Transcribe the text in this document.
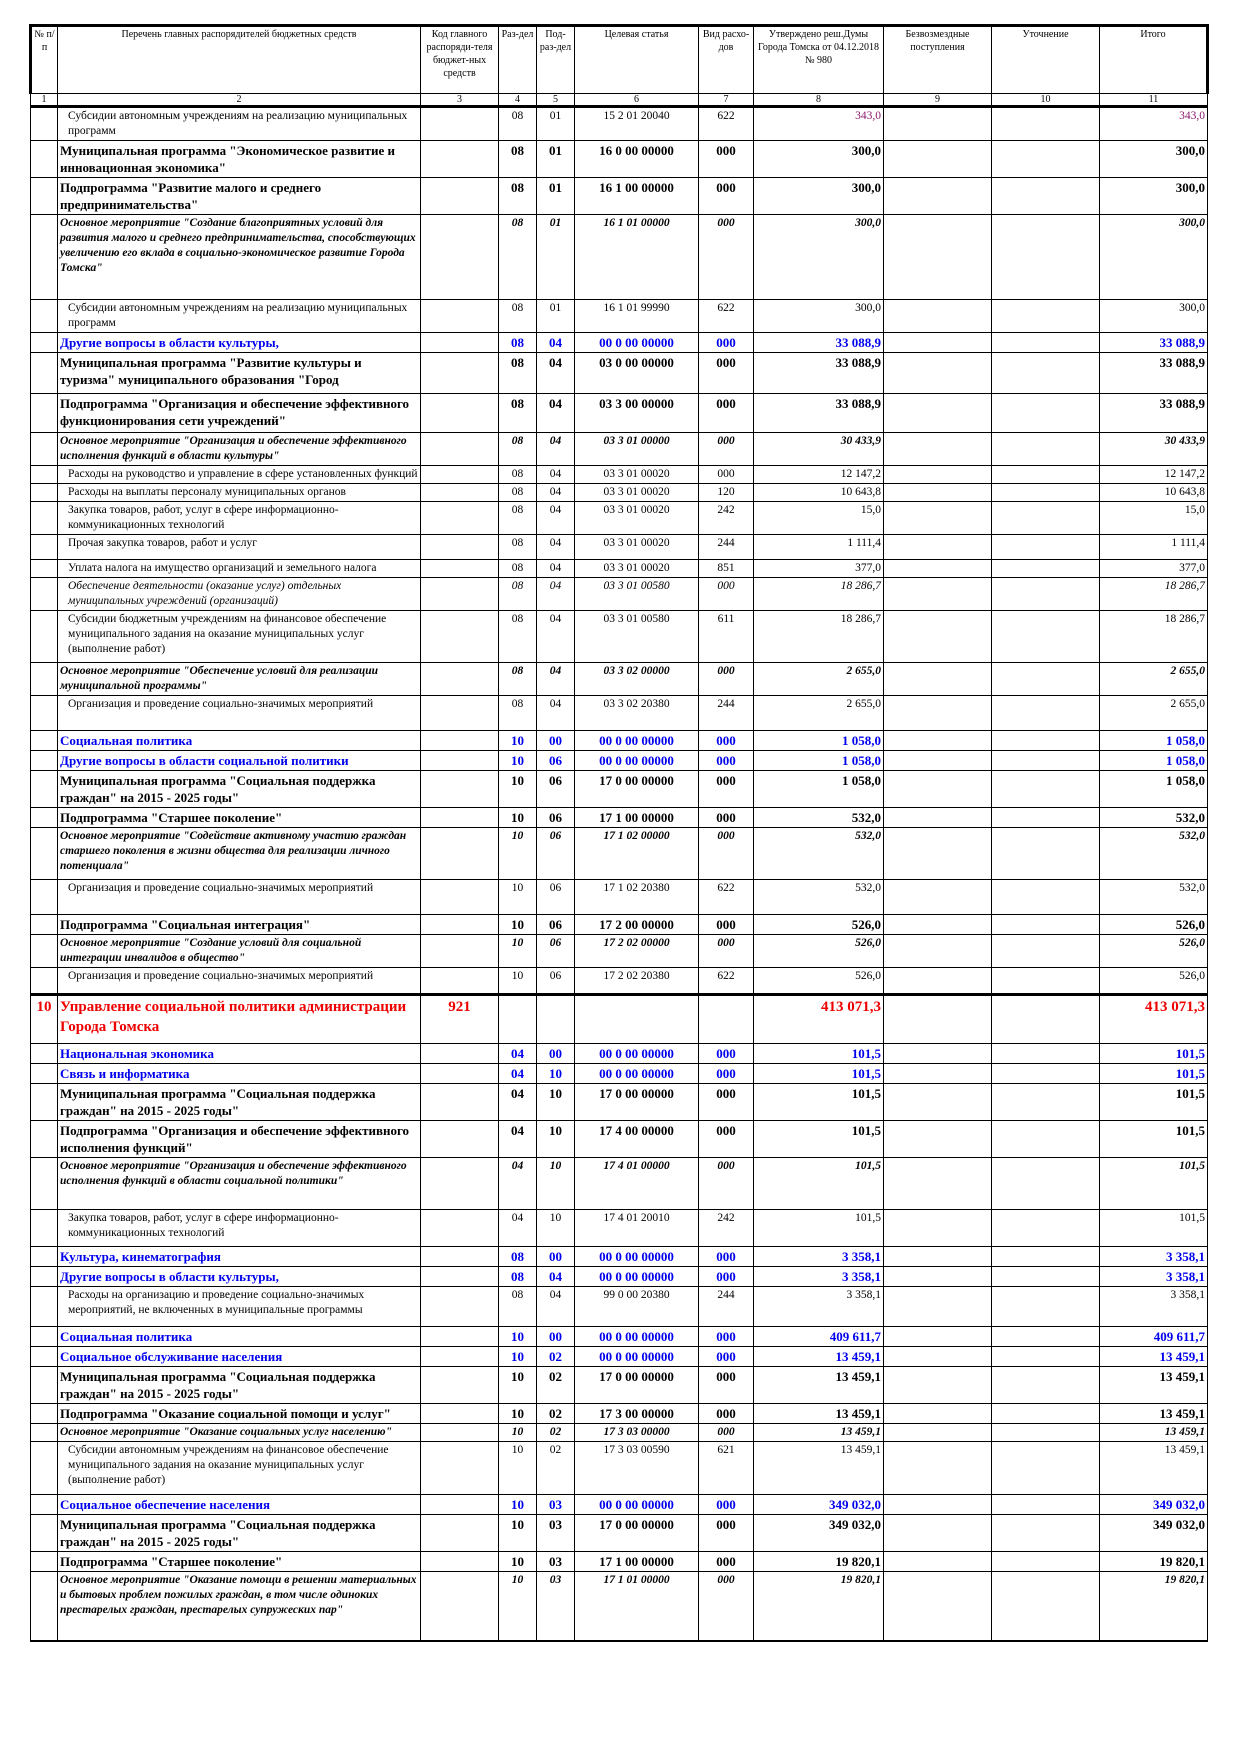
№ п/п	Перечень главных распорядителей бюджетных средств	Код главного распоряди-теля бюджет-ных средств	Раз-дел	Под-раз-дел	Целевая статья	Вид расхо-дов	Утверждено реш.Думы Города Томска от 04.12.2018 № 980	Безвозмездные поступления	Уточнение	Итого
1	2	3	4	5	6	7	8	9	10	11
	Субсидии автономным учреждениям на реализацию муниципальных программ		08	01	15 2 01 20040	622	343,0			343,0
	Муниципальная программа "Экономическое развитие и инновационная экономика"		08	01	16 0 00 00000	000	300,0			300,0
	Подпрограмма "Развитие малого и среднего предпринимательства"		08	01	16 1 00 00000	000	300,0			300,0
	Основное мероприятие "Создание благоприятных условий для развития малого и среднего предпринимательства, способствующих увеличению его вклада в социально-экономическое развитие Города Томска"		08	01	16 1 01 00000	000	300,0			300,0
	Субсидии автономным учреждениям на реализацию муниципальных программ		08	01	16 1 01 99990	622	300,0			300,0
	Другие вопросы в области культуры,		08	04	00 0 00 00000	000	33 088,9			33 088,9
	Муниципальная программа "Развитие культуры и туризма" муниципального образования "Город		08	04	03 0 00 00000	000	33 088,9			33 088,9
	Подпрограмма "Организация и обеспечение эффективного функционирования сети учреждений"		08	04	03 3 00 00000	000	33 088,9			33 088,9
	Основное мероприятие "Организация и обеспечение эффективного исполнения функций в области культуры"		08	04	03 3 01 00000	000	30 433,9			30 433,9
	Расходы на руководство и управление в сфере установленных функций		08	04	03 3 01 00020	000	12 147,2			12 147,2
	Расходы на выплаты персоналу муниципальных органов		08	04	03 3 01 00020	120	10 643,8			10 643,8
	Закупка товаров, работ, услуг в сфере информационно-коммуникационных технологий		08	04	03 3 01 00020	242	15,0			15,0
	Прочая закупка товаров, работ и услуг		08	04	03 3 01 00020	244	1 111,4			1 111,4
	Уплата налога на имущество организаций и земельного налога		08	04	03 3 01 00020	851	377,0			377,0
	Обеспечение деятельности (оказание услуг) отдельных муниципальных учреждений (организаций)		08	04	03 3 01 00580	000	18 286,7			18 286,7
	Субсидии бюджетным учреждениям на финансовое обеспечение муниципального задания на оказание муниципальных услуг (выполнение работ)		08	04	03 3 01 00580	611	18 286,7			18 286,7
	Основное мероприятие "Обеспечение условий для реализации муниципальной программы"		08	04	03 3 02 00000	000	2 655,0			2 655,0
	Организация и проведение социально-значимых мероприятий		08	04	03 3 02 20380	244	2 655,0			2 655,0
	Социальная политика		10	00	00 0 00 00000	000	1 058,0			1 058,0
	Другие вопросы в области социальной политики		10	06	00 0 00 00000	000	1 058,0			1 058,0
	Муниципальная программа "Социальная поддержка граждан" на 2015 - 2025 годы"		10	06	17 0 00 00000	000	1 058,0			1 058,0
	Подпрограмма "Старшее поколение"		10	06	17 1 00 00000	000	532,0			532,0
	Основное мероприятие "Содействие активному участию граждан старшего поколения в жизни общества для реализации личного потенциала"		10	06	17 1 02 00000	000	532,0			532,0
	Организация и проведение социально-значимых мероприятий		10	06	17 1 02 20380	622	532,0			532,0
	Подпрограмма "Социальная интеграция"		10	06	17 2 00 00000	000	526,0			526,0
	Основное мероприятие "Создание условий для социальной интеграции инвалидов в общество"		10	06	17 2 02 00000	000	526,0			526,0
	Организация и проведение социально-значимых мероприятий		10	06	17 2 02 20380	622	526,0			526,0
10	Управление социальной политики администрации Города Томска	921					413 071,3			413 071,3
	Национальная экономика		04	00	00 0 00 00000	000	101,5			101,5
	Связь и информатика		04	10	00 0 00 00000	000	101,5			101,5
	Муниципальная программа "Социальная поддержка граждан" на 2015 - 2025 годы"		04	10	17 0 00 00000	000	101,5			101,5
	Подпрограмма "Организация и обеспечение эффективного исполнения функций"		04	10	17 4 00 00000	000	101,5			101,5
	Основное мероприятие "Организация и обеспечение эффективного исполнения функций в области социальной политики"		04	10	17 4 01 00000	000	101,5			101,5
	Закупка товаров, работ, услуг в сфере информационно-коммуникационных технологий		04	10	17 4 01 20010	242	101,5			101,5
	Культура, кинематография		08	00	00 0 00 00000	000	3 358,1			3 358,1
	Другие вопросы в области культуры,		08	04	00 0 00 00000	000	3 358,1			3 358,1
	Расходы на организацию и проведение социально-значимых мероприятий, не включенных в муниципальные программы		08	04	99 0 00 20380	244	3 358,1			3 358,1
	Социальная политика		10	00	00 0 00 00000	000	409 611,7			409 611,7
	Социальное обслуживание населения		10	02	00 0 00 00000	000	13 459,1			13 459,1
	Муниципальная программа "Социальная поддержка граждан" на 2015 - 2025 годы"		10	02	17 0 00 00000	000	13 459,1			13 459,1
	Подпрограмма "Оказание социальной помощи и услуг"		10	02	17 3 00 00000	000	13 459,1			13 459,1
	Основное мероприятие "Оказание социальных услуг населению"		10	02	17 3 03 00000	000	13 459,1			13 459,1
	Субсидии автономным учреждениям на финансовое обеспечение муниципального задания на оказание муниципальных услуг (выполнение работ)		10	02	17 3 03 00590	621	13 459,1			13 459,1
	Социальное обеспечение населения		10	03	00 0 00 00000	000	349 032,0			349 032,0
	Муниципальная программа "Социальная поддержка граждан" на 2015 - 2025 годы"		10	03	17 0 00 00000	000	349 032,0			349 032,0
	Подпрограмма "Старшее поколение"		10	03	17 1 00 00000	000	19 820,1			19 820,1
	Основное мероприятие "Оказание помощи в решении материальных и бытовых проблем пожилых граждан, в том числе одиноких престарелых граждан, престарелых супружеских пар"		10	03	17 1 01 00000	000	19 820,1			19 820,1
